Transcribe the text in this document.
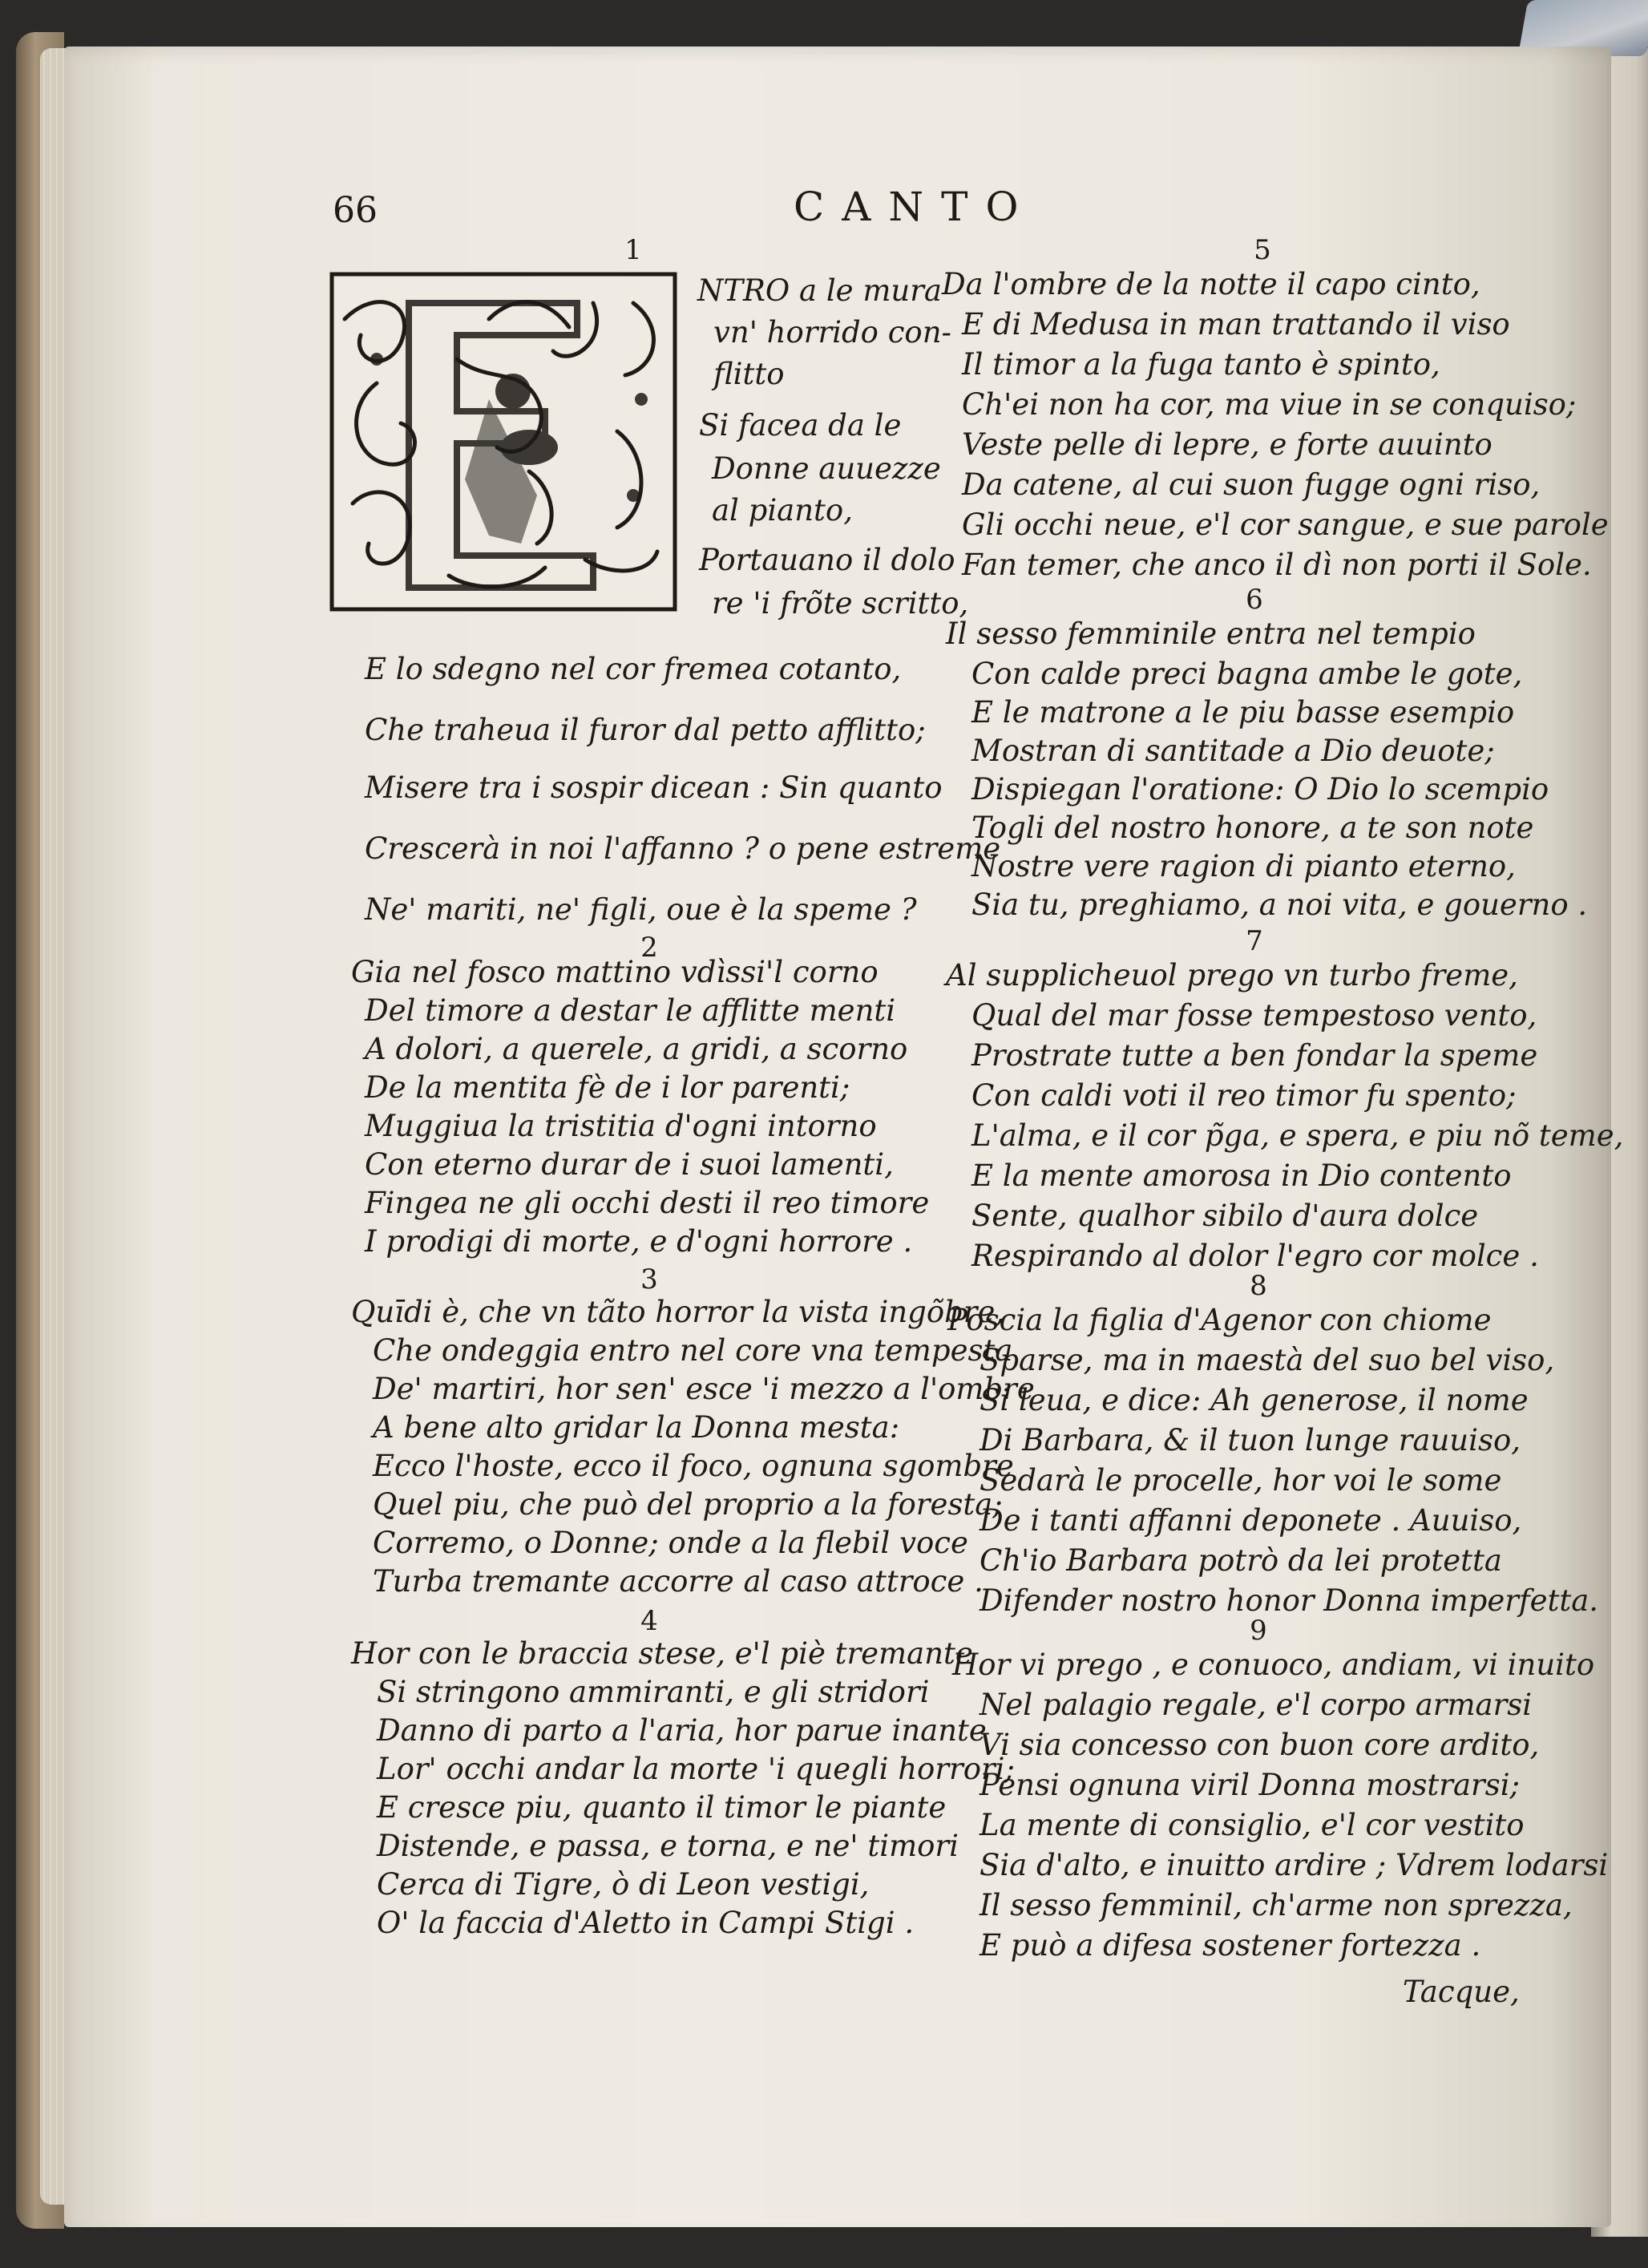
66	CANTO
1
NTRO a le mura
vn' horrido con-
flitto
Si facea da le
Donne auuezze
al pianto,
Portauano il dolo
re 'i frõte scritto,
E lo sdegno nel cor fremea cotanto,
Che traheua il furor dal petto afflitto;
Misere tra i sospir dicean : Sin quanto
Crescerà in noi l'affanno ? o pene estreme
Ne' mariti, ne' figli, oue è la speme ?
2
Gia nel fosco mattino vdìssi'l corno
Del timore a destar le afflitte menti
A dolori, a querele, a gridi, a scorno
De la mentita fè de i lor parenti;
Muggiua la tristitia d'ogni intorno
Con eterno durar de i suoi lamenti,
Fingea ne gli occhi desti il reo timore
I prodigi di morte, e d'ogni horrore .
3
Quīdi è, che vn tãto horror la vista ingõbre,
Che ondeggia entro nel core vna tempesta
De' martiri, hor sen' esce 'i mezzo a l'ombre
A bene alto gridar la Donna mesta:
Ecco l'hoste, ecco il foco, ognuna sgombre
Quel piu, che può del proprio a la foresta;
Corremo, o Donne; onde a la flebil voce
Turba tremante accorre al caso attroce .
4
Hor con le braccia stese, e'l piè tremante
Si stringono ammiranti, e gli stridori
Danno di parto a l'aria, hor parue inante
Lor' occhi andar la morte 'i quegli horrori;
E cresce piu, quanto il timor le piante
Distende, e passa, e torna, e ne' timori
Cerca di Tigre, ò di Leon vestigi,
O' la faccia d'Aletto in Campi Stigi .
5
Da l'ombre de la notte il capo cinto,
E di Medusa in man trattando il viso
Il timor a la fuga tanto è spinto,
Ch'ei non ha cor, ma viue in se conquiso;
Veste pelle di lepre, e forte auuinto
Da catene, al cui suon fugge ogni riso,
Gli occhi neue, e'l cor sangue, e sue parole
Fan temer, che anco il dì non porti il Sole.
6
Il sesso femminile entra nel tempio
Con calde preci bagna ambe le gote,
E le matrone a le piu basse esempio
Mostran di santitade a Dio deuote;
Dispiegan l'oratione: O Dio lo scempio
Togli del nostro honore, a te son note
Nostre vere ragion di pianto eterno,
Sia tu, preghiamo, a noi vita, e gouerno .
7
Al supplicheuol prego vn turbo freme,
Qual del mar fosse tempestoso vento,
Prostrate tutte a ben fondar la speme
Con caldi voti il reo timor fu spento;
L'alma, e il cor p̃ga, e spera, e piu nõ teme,
E la mente amorosa in Dio contento
Sente, qualhor sibilo d'aura dolce
Respirando al dolor l'egro cor molce .
8
Poscia la figlia d'Agenor con chiome
Sparse, ma in maestà del suo bel viso,
Si leua, e dice: Ah generose, il nome
Di Barbara, & il tuon lunge rauuiso,
Sedarà le procelle, hor voi le some
De i tanti affanni deponete . Auuiso,
Ch'io Barbara potrò da lei protetta
Difender nostro honor Donna imperfetta.
9
Hor vi prego , e conuoco, andiam, vi inuito
Nel palagio regale, e'l corpo armarsi
Vi sia concesso con buon core ardito,
Pensi ognuna viril Donna mostrarsi;
La mente di consiglio, e'l cor vestito
Sia d'alto, e inuitto ardire ; Vdrem lodarsi
Il sesso femminil, ch'arme non sprezza,
E può a difesa sostener fortezza .
Tacque,
